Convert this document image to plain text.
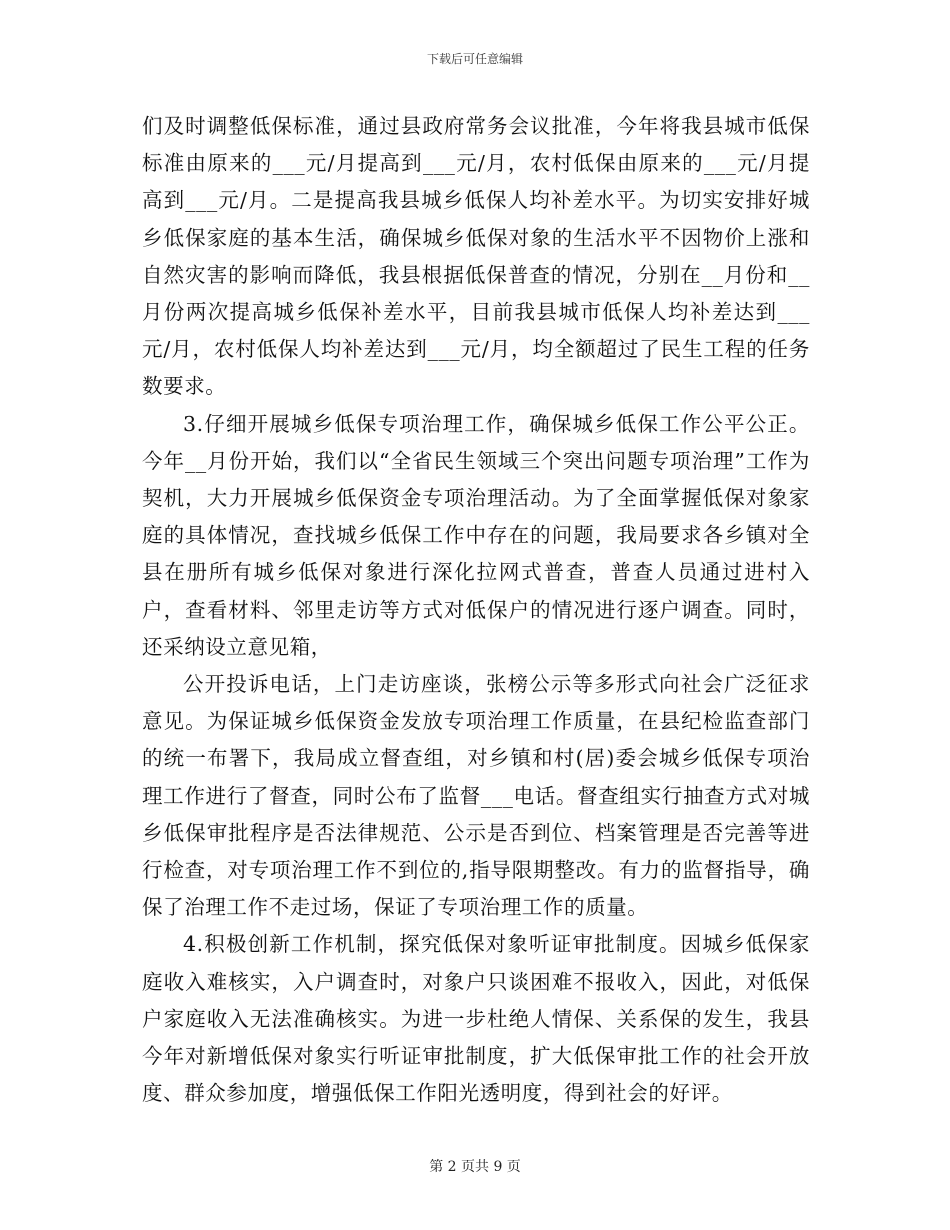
下载后可任意编辑

们及时调整低保标准，通过县政府常务会议批准，今年将我县城市低保标准由原来的___元/月提高到___元/月，农村低保由原来的___元/月提高到___元/月。二是提高我县城乡低保人均补差水平。为切实安排好城乡低保家庭的基本生活，确保城乡低保对象的生活水平不因物价上涨和自然灾害的影响而降低，我县根据低保普查的情况，分别在__月份和__月份两次提高城乡低保补差水平，目前我县城市低保人均补差达到___元/月，农村低保人均补差达到___元/月，均全额超过了民生工程的任务数要求。

3.仔细开展城乡低保专项治理工作，确保城乡低保工作公平公正。今年__月份开始，我们以“全省民生领域三个突出问题专项治理”工作为契机，大力开展城乡低保资金专项治理活动。为了全面掌握低保对象家庭的具体情况，查找城乡低保工作中存在的问题，我局要求各乡镇对全县在册所有城乡低保对象进行深化拉网式普查，普查人员通过进村入户，查看材料、邻里走访等方式对低保户的情况进行逐户调查。同时，还采纳设立意见箱，

公开投诉电话，上门走访座谈，张榜公示等多形式向社会广泛征求意见。为保证城乡低保资金发放专项治理工作质量，在县纪检监查部门的统一布署下，我局成立督查组，对乡镇和村(居)委会城乡低保专项治理工作进行了督查，同时公布了监督___电话。督查组实行抽查方式对城乡低保审批程序是否法律规范、公示是否到位、档案管理是否完善等进行检查，对专项治理工作不到位的,指导限期整改。有力的监督指导，确保了治理工作不走过场，保证了专项治理工作的质量。

4.积极创新工作机制，探究低保对象听证审批制度。因城乡低保家庭收入难核实，入户调查时，对象户只谈困难不报收入，因此，对低保户家庭收入无法准确核实。为进一步杜绝人情保、关系保的发生，我县今年对新增低保对象实行听证审批制度，扩大低保审批工作的社会开放度、群众参加度，增强低保工作阳光透明度，得到社会的好评。

第 2 页共 9 页
